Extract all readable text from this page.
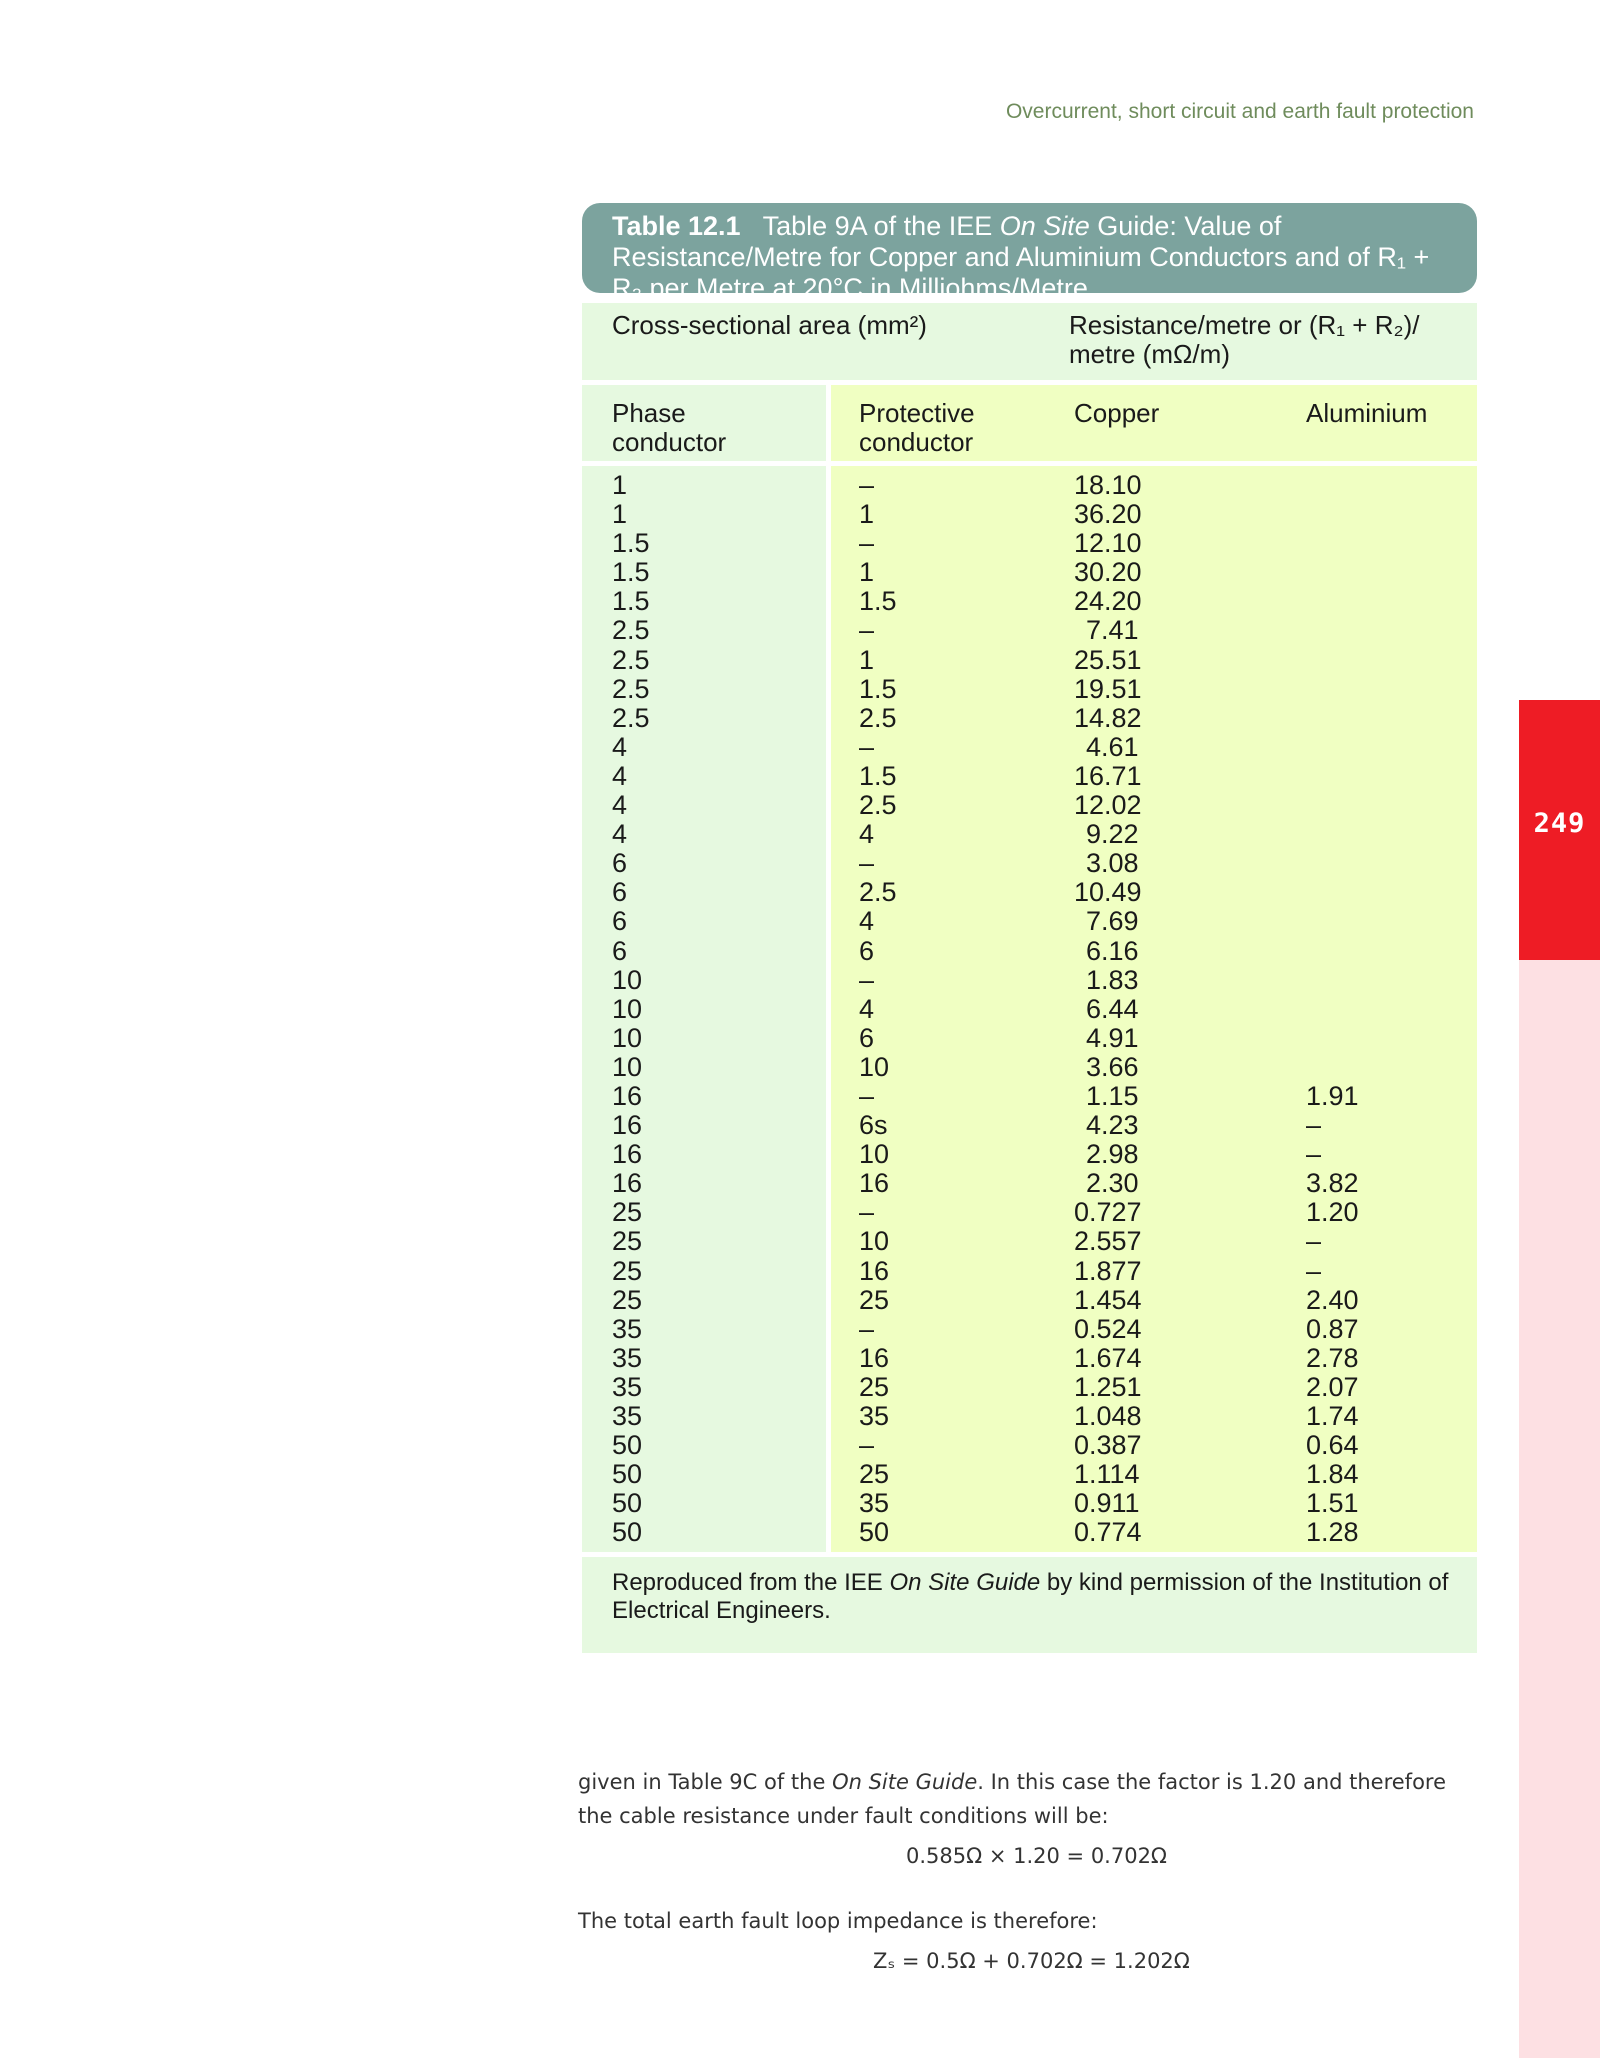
Overcurrent, short circuit and earth fault protection
249
Table 12.1 Table 9A of the IEE On Site Guide: Value of Resistance/Metre for Copper and Aluminium Conductors and of R₁ + R₂ per Metre at 20°C in Milliohms/Metre
Cross-sectional area (mm²)	Resistance/metre or (R₁ + R₂)/
metre (mΩ/m)
Phase
conductor
Protective
conductor
Copper	Aluminium
1
1
1.5
1.5
1.5
2.5
2.5
2.5
2.5
4
4
4
4
6
6
6
6
10
10
10
10
16
16
16
16
25
25
25
25
35
35
35
35
50
50
50
50
–
1
–
1
1.5
–
1
1.5
2.5
–
1.5
2.5
4
–
2.5
4
6
–
4
6
10
–
6s
10
16
–
10
16
25
–
16
25
35
–
25
35
50
18.10
36.20
12.10
30.20
24.20
7.41
25.51
19.51
14.82
4.61
16.71
12.02
9.22
3.08
10.49
7.69
6.16
1.83
6.44
4.91
3.66
1.15
4.23
2.98
2.30
0.727
2.557
1.877
1.454
0.524
1.674
1.251
1.048
0.387
1.114
0.911
0.774
1.91
–
–
3.82
1.20
–
–
2.40
0.87
2.78
2.07
1.74
0.64
1.84
1.51
1.28
Reproduced from the IEE On Site Guide by kind permission of the Institution of Electrical Engineers.
given in Table 9C of the On Site Guide. In this case the factor is 1.20 and therefore the cable resistance under fault conditions will be:
0.585Ω × 1.20 = 0.702Ω
The total earth fault loop impedance is therefore:
Zₛ = 0.5Ω + 0.702Ω = 1.202Ω
